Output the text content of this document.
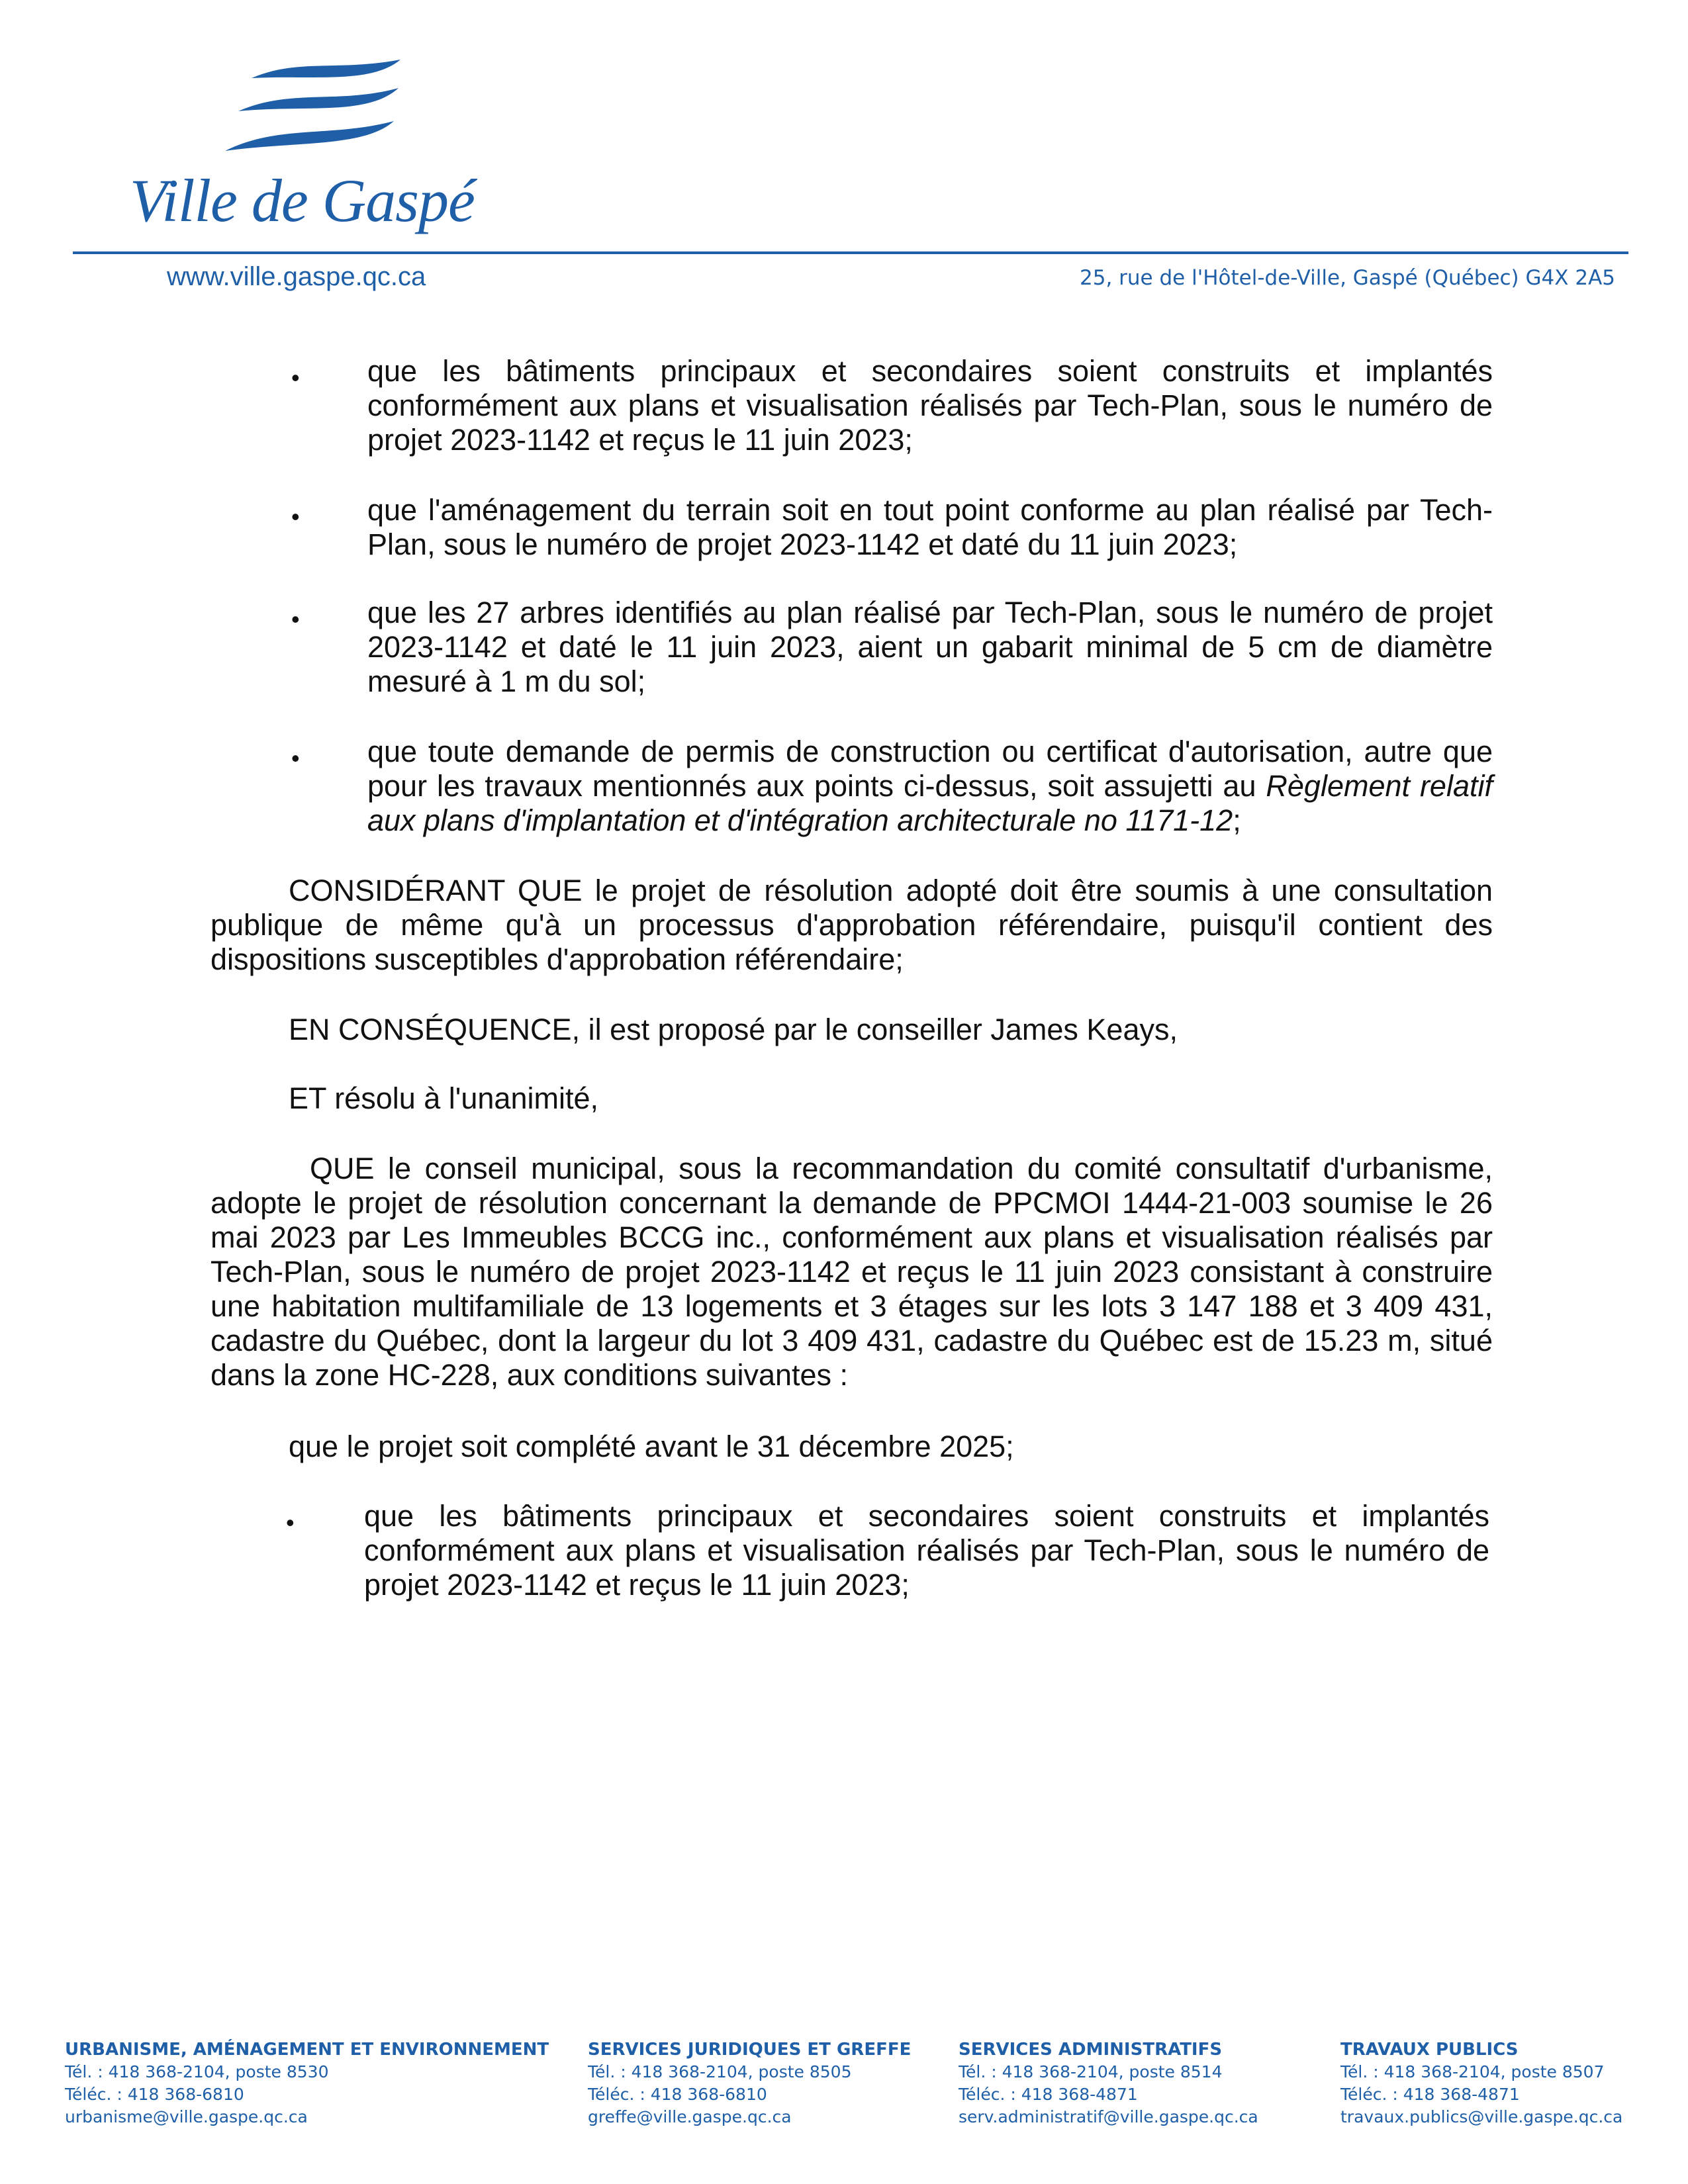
Ville de Gaspé
www.ville.gaspe.qc.ca	25, rue de l'Hôtel-de-Ville, Gaspé (Québec) G4X 2A5
• que les bâtiments principaux et secondaires soient construits et implantés conformément aux plans et visualisation réalisés par Tech-Plan, sous le numéro de projet 2023-1142 et reçus le 11 juin 2023;
• que l'aménagement du terrain soit en tout point conforme au plan réalisé par Tech-Plan, sous le numéro de projet 2023-1142 et daté du 11 juin 2023;
• que les 27 arbres identifiés au plan réalisé par Tech-Plan, sous le numéro de projet 2023-1142 et daté le 11 juin 2023, aient un gabarit minimal de 5 cm de diamètre mesuré à 1 m du sol;
• que toute demande de permis de construction ou certificat d'autorisation, autre que pour les travaux mentionnés aux points ci-dessus, soit assujetti au Règlement relatif aux plans d'implantation et d'intégration architecturale no 1171-12;
CONSIDÉRANT QUE le projet de résolution adopté doit être soumis à une consultation publique de même qu'à un processus d'approbation référendaire, puisqu'il contient des dispositions susceptibles d'approbation référendaire;
EN CONSÉQUENCE, il est proposé par le conseiller James Keays,
ET résolu à l'unanimité,
QUE le conseil municipal, sous la recommandation du comité consultatif d'urbanisme, adopte le projet de résolution concernant la demande de PPCMOI 1444-21-003 soumise le 26 mai 2023 par Les Immeubles BCCG inc., conformément aux plans et visualisation réalisés par Tech-Plan, sous le numéro de projet 2023-1142 et reçus le 11 juin 2023 consistant à construire une habitation multifamiliale de 13 logements et 3 étages sur les lots 3 147 188 et 3 409 431, cadastre du Québec, dont la largeur du lot 3 409 431, cadastre du Québec est de 15.23 m, situé dans la zone HC-228, aux conditions suivantes :
que le projet soit complété avant le 31 décembre 2025;
• que les bâtiments principaux et secondaires soient construits et implantés conformément aux plans et visualisation réalisés par Tech-Plan, sous le numéro de projet 2023-1142 et reçus le 11 juin 2023;
URBANISME, AMÉNAGEMENT ET ENVIRONNEMENT
Tél. : 418 368-2104, poste 8530
Téléc. : 418 368-6810
urbanisme@ville.gaspe.qc.ca
SERVICES JURIDIQUES ET GREFFE
Tél. : 418 368-2104, poste 8505
Téléc. : 418 368-6810
greffe@ville.gaspe.qc.ca
SERVICES ADMINISTRATIFS
Tél. : 418 368-2104, poste 8514
Téléc. : 418 368-4871
serv.administratif@ville.gaspe.qc.ca
TRAVAUX PUBLICS
Tél. : 418 368-2104, poste 8507
Téléc. : 418 368-4871
travaux.publics@ville.gaspe.qc.ca
